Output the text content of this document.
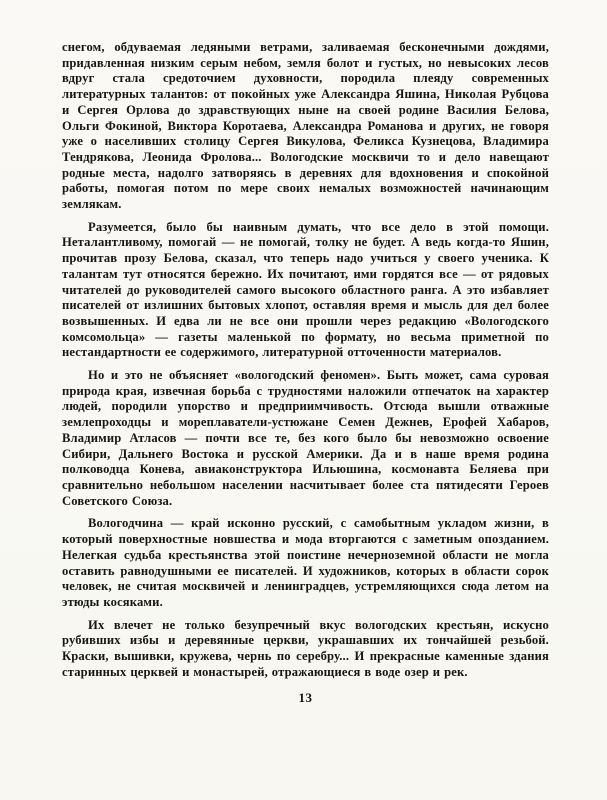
снегом, обдуваемая ледяными ветрами, заливаемая бесконечными дождями, придавленная низким серым небом, земля болот и густых, но невысоких лесов вдруг стала средоточием духовности, породила плеяду современных литературных талантов: от покойных уже Александра Яшина, Николая Рубцова и Сергея Орлова до здравствующих ныне на своей родине Василия Белова, Ольги Фокиной, Виктора Коротаева, Александра Романова и других, не говоря уже о населивших столицу Сергея Викулова, Феликса Кузнецова, Владимира Тендрякова, Леонида Фролова... Вологодские москвичи то и дело навещают родные места, надолго затворяясь в деревнях для вдохновения и спокойной работы, помогая потом по мере своих немалых возможностей начинающим землякам.

Разумеется, было бы наивным думать, что все дело в этой помощи. Неталантливому, помогай — не помогай, толку не будет. А ведь когда-то Яшин, прочитав прозу Белова, сказал, что теперь надо учиться у своего ученика. К талантам тут относятся бережно. Их почитают, ими гордятся все — от рядовых читателей до руководителей самого высокого областного ранга. А это избавляет писателей от излишних бытовых хлопот, оставляя время и мысль для дел более возвышенных. И едва ли не все они прошли через редакцию «Вологодского комсомольца» — газеты маленькой по формату, но весьма приметной по нестандартности ее содержимого, литературной отточенности материалов.

Но и это не объясняет «вологодский феномен». Быть может, сама суровая природа края, извечная борьба с трудностями наложили отпечаток на характер людей, породили упорство и предприимчивость. Отсюда вышли отважные землепроходцы и мореплаватели-устюжане Семен Дежнев, Ерофей Хабаров, Владимир Атласов — почти все те, без кого было бы невозможно освоение Сибири, Дальнего Востока и русской Америки. Да и в наше время родина полководца Конева, авиаконструктора Ильюшина, космонавта Беляева при сравнительно небольшом населении насчитывает более ста пятидесяти Героев Советского Союза.

Вологодчина — край исконно русский, с самобытным укладом жизни, в который поверхностные новшества и мода вторгаются с заметным опозданием. Нелегкая судьба крестьянства этой поистине нечерноземной области не могла оставить равнодушными ее писателей. И художников, которых в области сорок человек, не считая москвичей и ленинградцев, устремляющихся сюда летом на этюды косяками.

Их влечет не только безупречный вкус вологодских крестьян, искусно рубивших избы и деревянные церкви, украшавших их тончайшей резьбой. Краски, вышивки, кружева, чернь по серебру... И прекрасные каменные здания старинных церквей и монастырей, отражающиеся в воде озер и рек.

13
